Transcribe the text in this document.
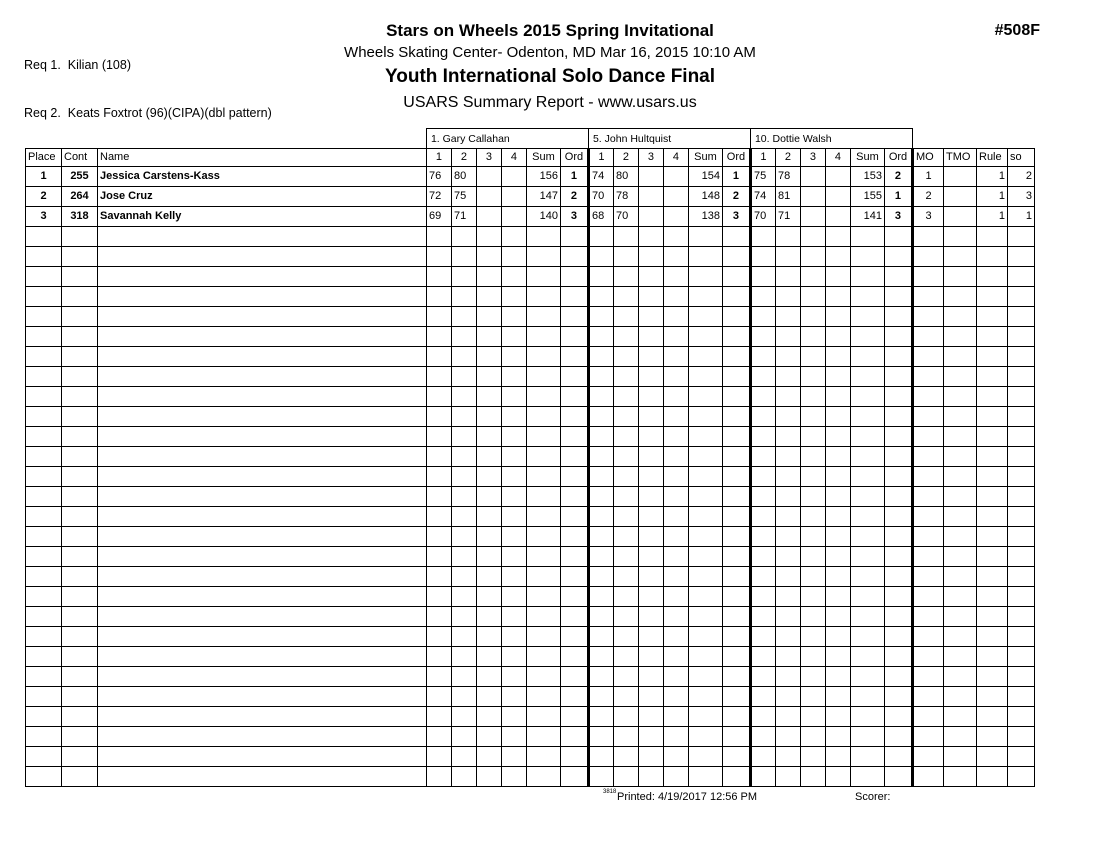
Req 1.  Kilian (108)

Req 2.  Keats Foxtrot (96)(CIPA)(dbl pattern)

Stars on Wheels 2015 Spring Invitational
Wheels Skating Center- Odenton, MD Mar 16, 2015 10:10 AM
Youth International Solo Dance Final
USARS Summary Report - www.usars.us
#508F
			1. Gary Callahan						5. John Hultquist						10. Dottie Walsh									
Place	Cont	Name	1	2	3	4	Sum	Ord	1	2	3	4	Sum	Ord	1	2	3	4	Sum	Ord	MO	TMO	Rule	so
1	255	Jessica Carstens-Kass	76	80			156	1	74	80			154	1	75	78			153	2	1		1	2
2	264	Jose Cruz	72	75			147	2	70	78			148	2	74	81			155	1	2		1	3
3	318	Savannah Kelly	69	71			140	3	68	70			138	3	70	71			141	3	3		1	1

3818 Printed: 4/19/2017 12:56 PM	Scorer:
